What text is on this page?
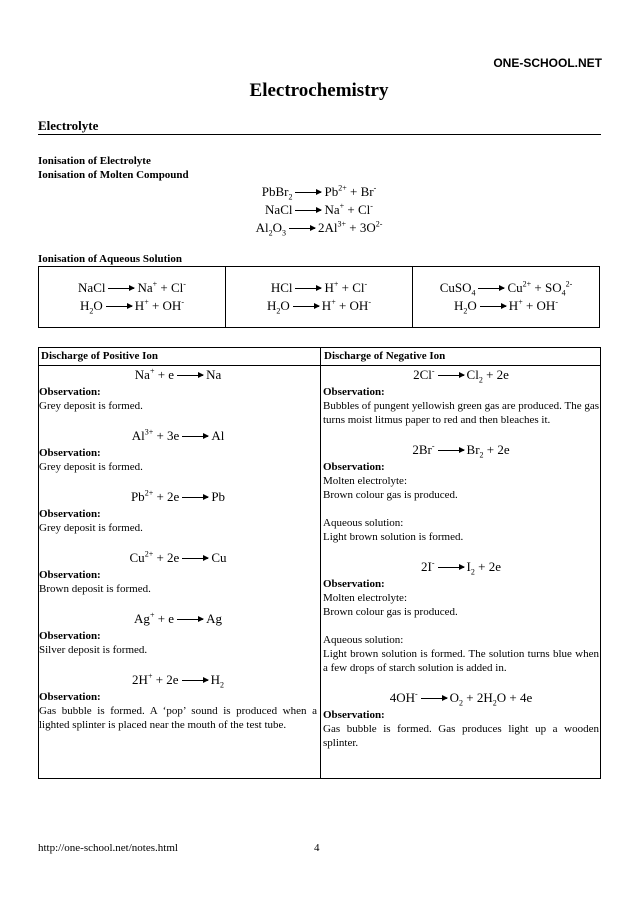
ONE-SCHOOL.NET
Electrochemistry
Electrolyte
Ionisation of Electrolyte
Ionisation of Molten Compound
PbBr$_2$ → $Pb^{2+} + Br^-$
NaCl → Na+ + Cl-
$Al_2O_3 \to 2Al^{3+} + 3O^{2-}$
Ionisation of Aqueous Solution
NaCl → Na+ + Cl-
$H_2O \to H^+ + OH^-$
HCl → H+ + Cl-
$H_2O \to H^+ + OH^-$
CuSO$_4$ → $Cu^{2+} + SO_4^{2-}$
$H_2O \to H^+ + OH^-$
Discharge of Positive Ion	Discharge of Negative Ion
Na+ + e → Na
Observation:
Grey deposit is formed.
$Al^{3+} + 3e \to Al$
Observation:
Grey deposit is formed.
$Pb^{2+} + 2e \to Pb$
Observation:
Grey deposit is formed.
$Cu^{2+} + 2e \to Cu$
Observation:
Brown deposit is formed.
Ag+ + e → Ag
Observation:
Silver deposit is formed.
$2H^+ + 2e \to H_2$
Observation:
Gas bubble is formed. A ‘pop’ sound is produced when a lighted splinter is placed near the mouth of the test tube.
$2Cl^- \to Cl_2 + 2e$
Observation:
Bubbles of pungent yellowish green gas are produced. The gas turns moist litmus paper to red and then bleaches it.
$2Br^- \to Br_2 + 2e$
Observation:
Molten electrolyte:
Brown colour gas is produced.
Aqueous solution:
Light brown solution is formed.
$2I^- \to I_2 + 2e$
Observation:
Molten electrolyte:
Brown colour gas is produced.
Aqueous solution:
Light brown solution is formed. The solution turns blue when a few drops of starch solution is added in.
$4OH^- \to O_2 + 2H_2O + 4e$
Observation:
Gas bubble is formed. Gas produces light up a wooden splinter.
http://one-school.net/notes.html	4
